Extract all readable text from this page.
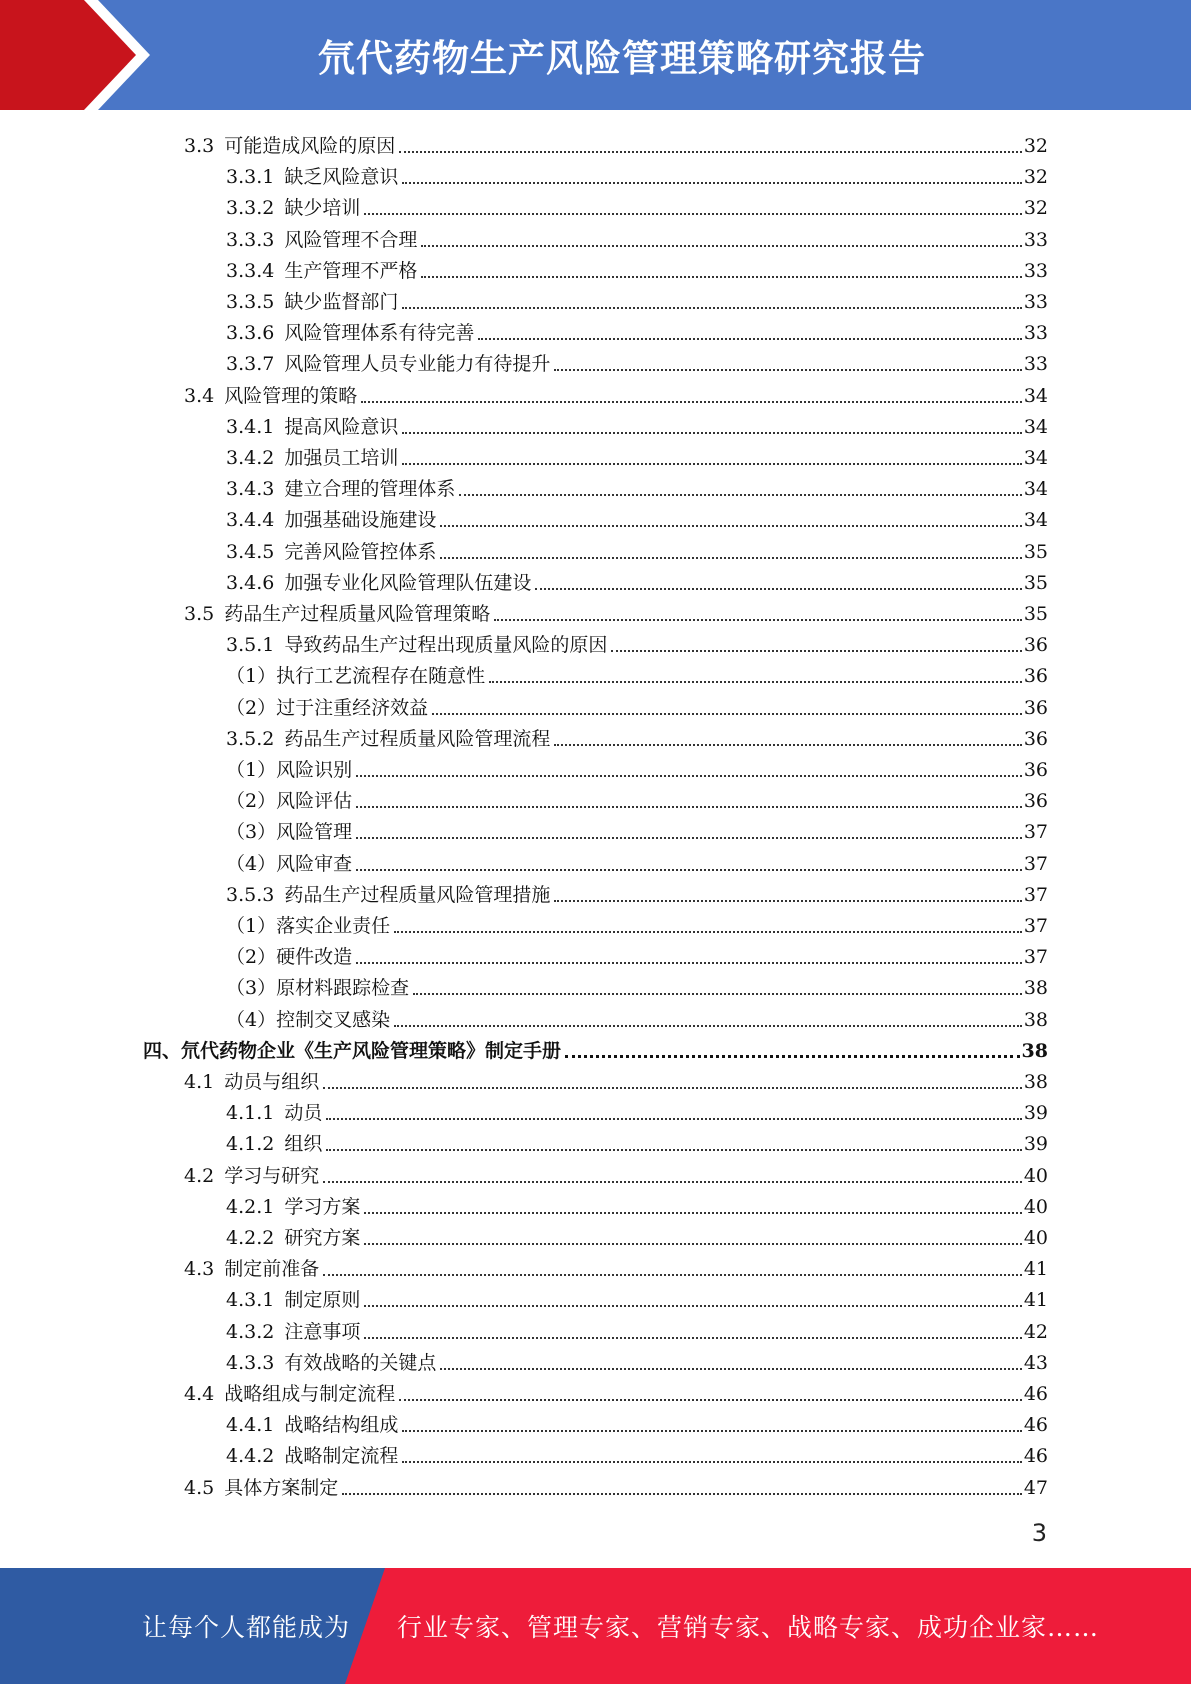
氘代药物生产风险管理策略研究报告
3.3 可能造成风险的原因	32
3.3.1 缺乏风险意识	32
3.3.2 缺少培训	32
3.3.3 风险管理不合理	33
3.3.4 生产管理不严格	33
3.3.5 缺少监督部门	33
3.3.6 风险管理体系有待完善	33
3.3.7 风险管理人员专业能力有待提升	33
3.4 风险管理的策略	34
3.4.1 提高风险意识	34
3.4.2 加强员工培训	34
3.4.3 建立合理的管理体系	34
3.4.4 加强基础设施建设	34
3.4.5 完善风险管控体系	35
3.4.6 加强专业化风险管理队伍建设	35
3.5 药品生产过程质量风险管理策略	35
3.5.1 导致药品生产过程出现质量风险的原因	36
（1）执行工艺流程存在随意性	36
（2）过于注重经济效益	36
3.5.2 药品生产过程质量风险管理流程	36
（1）风险识别	36
（2）风险评估	36
（3）风险管理	37
（4）风险审查	37
3.5.3 药品生产过程质量风险管理措施	37
（1）落实企业责任	37
（2）硬件改造	37
（3）原材料跟踪检查	38
（4）控制交叉感染	38
四、氘代药物企业《生产风险管理策略》制定手册	38
4.1 动员与组织	38
4.1.1 动员	39
4.1.2 组织	39
4.2 学习与研究	40
4.2.1 学习方案	40
4.2.2 研究方案	40
4.3 制定前准备	41
4.3.1 制定原则	41
4.3.2 注意事项	42
4.3.3 有效战略的关键点	43
4.4 战略组成与制定流程	46
4.4.1 战略结构组成	46
4.4.2 战略制定流程	46
4.5 具体方案制定	47
3
让每个人都能成为 行业专家、管理专家、营销专家、战略专家、成功企业家……
